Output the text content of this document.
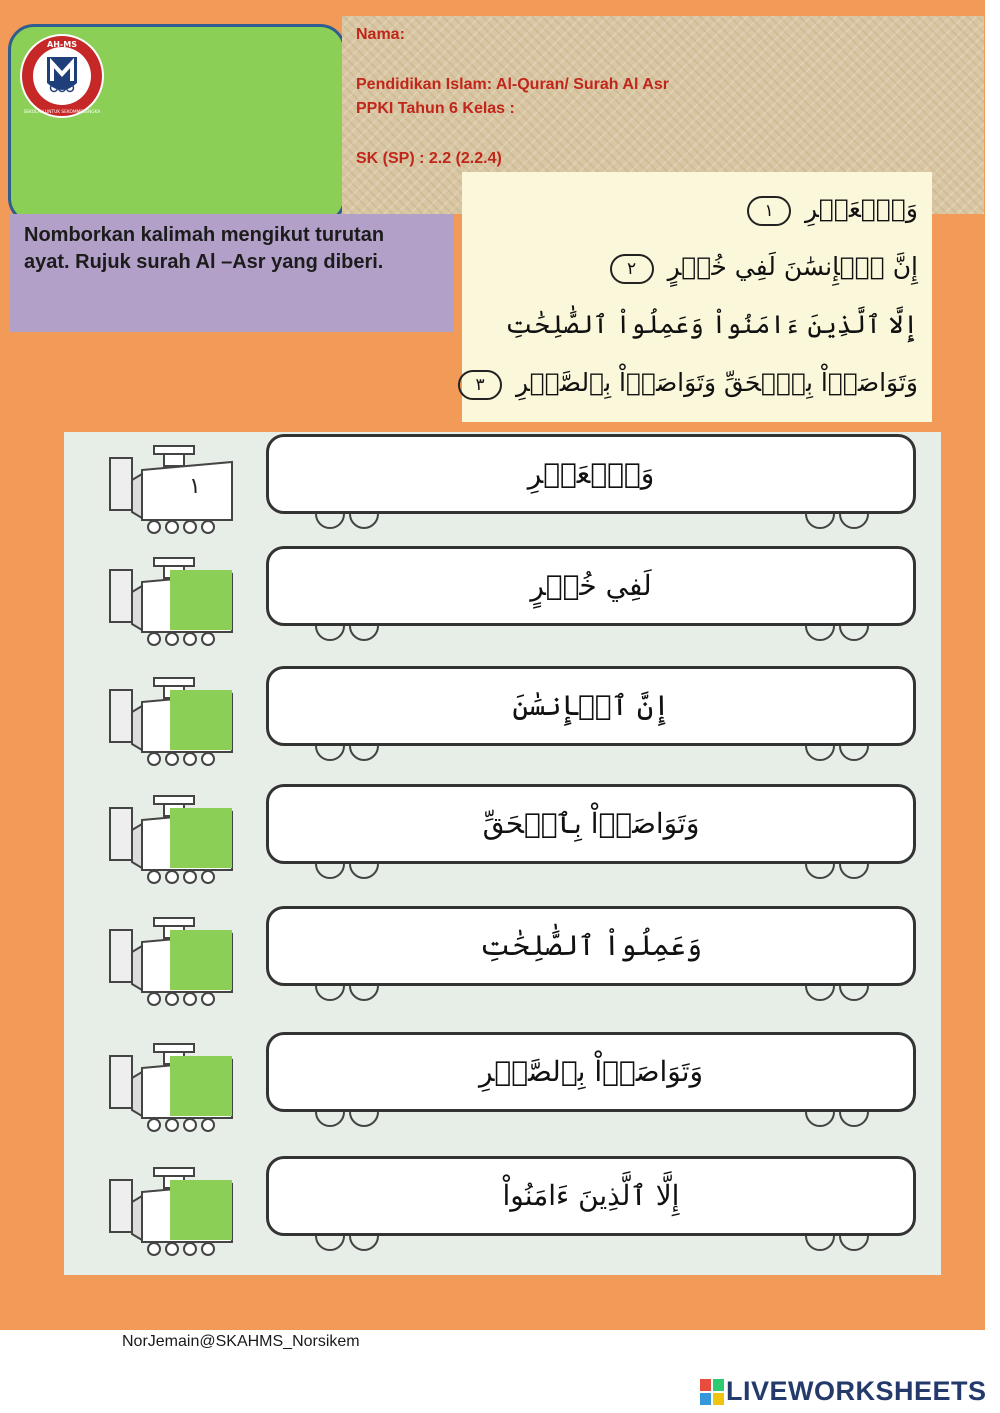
AH-MS
SEKOLAH UNTUK SEKOMMELENGKA
Nama:
Pendidikan Islam: Al-Quran/ Surah Al Asr
PPKI Tahun 6 Kelas :
SK (SP) : 2.2 (2.2.4)
Nomborkan kalimah mengikut turutan ayat. Rujuk surah Al –Asr yang diberi.
وَٱلۡعَصۡرِ ١
إِنَّ ٱلۡإِنسَٰنَ لَفِي خُسۡرٍ ٢
إِلَّا ٱلَّذِينَ ءَامَنُواْ وَعَمِلُواْ ٱلصَّٰلِحَٰتِ
وَتَوَاصَوۡاْ بِٱلۡحَقِّ وَتَوَاصَوۡاْ بِٱلصَّبۡرِ ٣
١	وَٱلۡعَصۡرِ
لَفِي خُسۡرٍ
إِنَّ ٱلۡإِنسَٰنَ
وَتَوَاصَوۡاْ بِٱلۡحَقِّ
وَعَمِلُواْ ٱلصَّٰلِحَٰتِ
وَتَوَاصَوۡاْ بِٱلصَّبۡرِ
إِلَّا ٱلَّذِينَ ءَامَنُواْ
NorJemain@SKAHMS_Norsikem
LIVEWORKSHEETS
